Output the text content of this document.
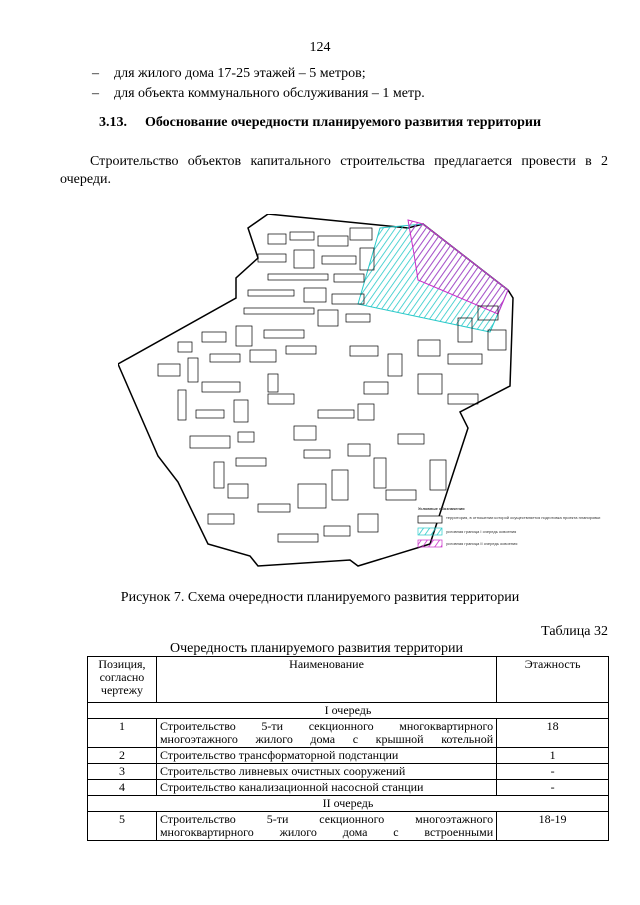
124
– для жилого дома 17-25 этажей – 5 метров;
– для объекта коммунального обслуживания – 1 метр.
3.13. Обоснование очередности планируемого развития территории
Строительство объектов капитального строительства предлагается провести в 2 очереди.
Условные обозначения
территория, в отношении которой осуществляется подготовка проекта планировки
условная граница I очередь освоения
условная граница II очередь освоения
Рисунок 7. Схема очередности планируемого развития территории
Таблица 32
Очередность планируемого развития территории
Позиция, согласно чертежу	Наименование	Этажность
I очередь		
1	Строительство 5-ти секционного многоквартирного многоэтажного жилого дома с крышной котельной	18
2	Строительство трансформаторной подстанции	1
3	Строительство ливневых очистных сооружений	-
4	Строительство канализационной насосной станции	-
II очередь		
5	Строительство 5-ти секционного многоэтажного многоквартирного жилого дома с встроенными	18-19
